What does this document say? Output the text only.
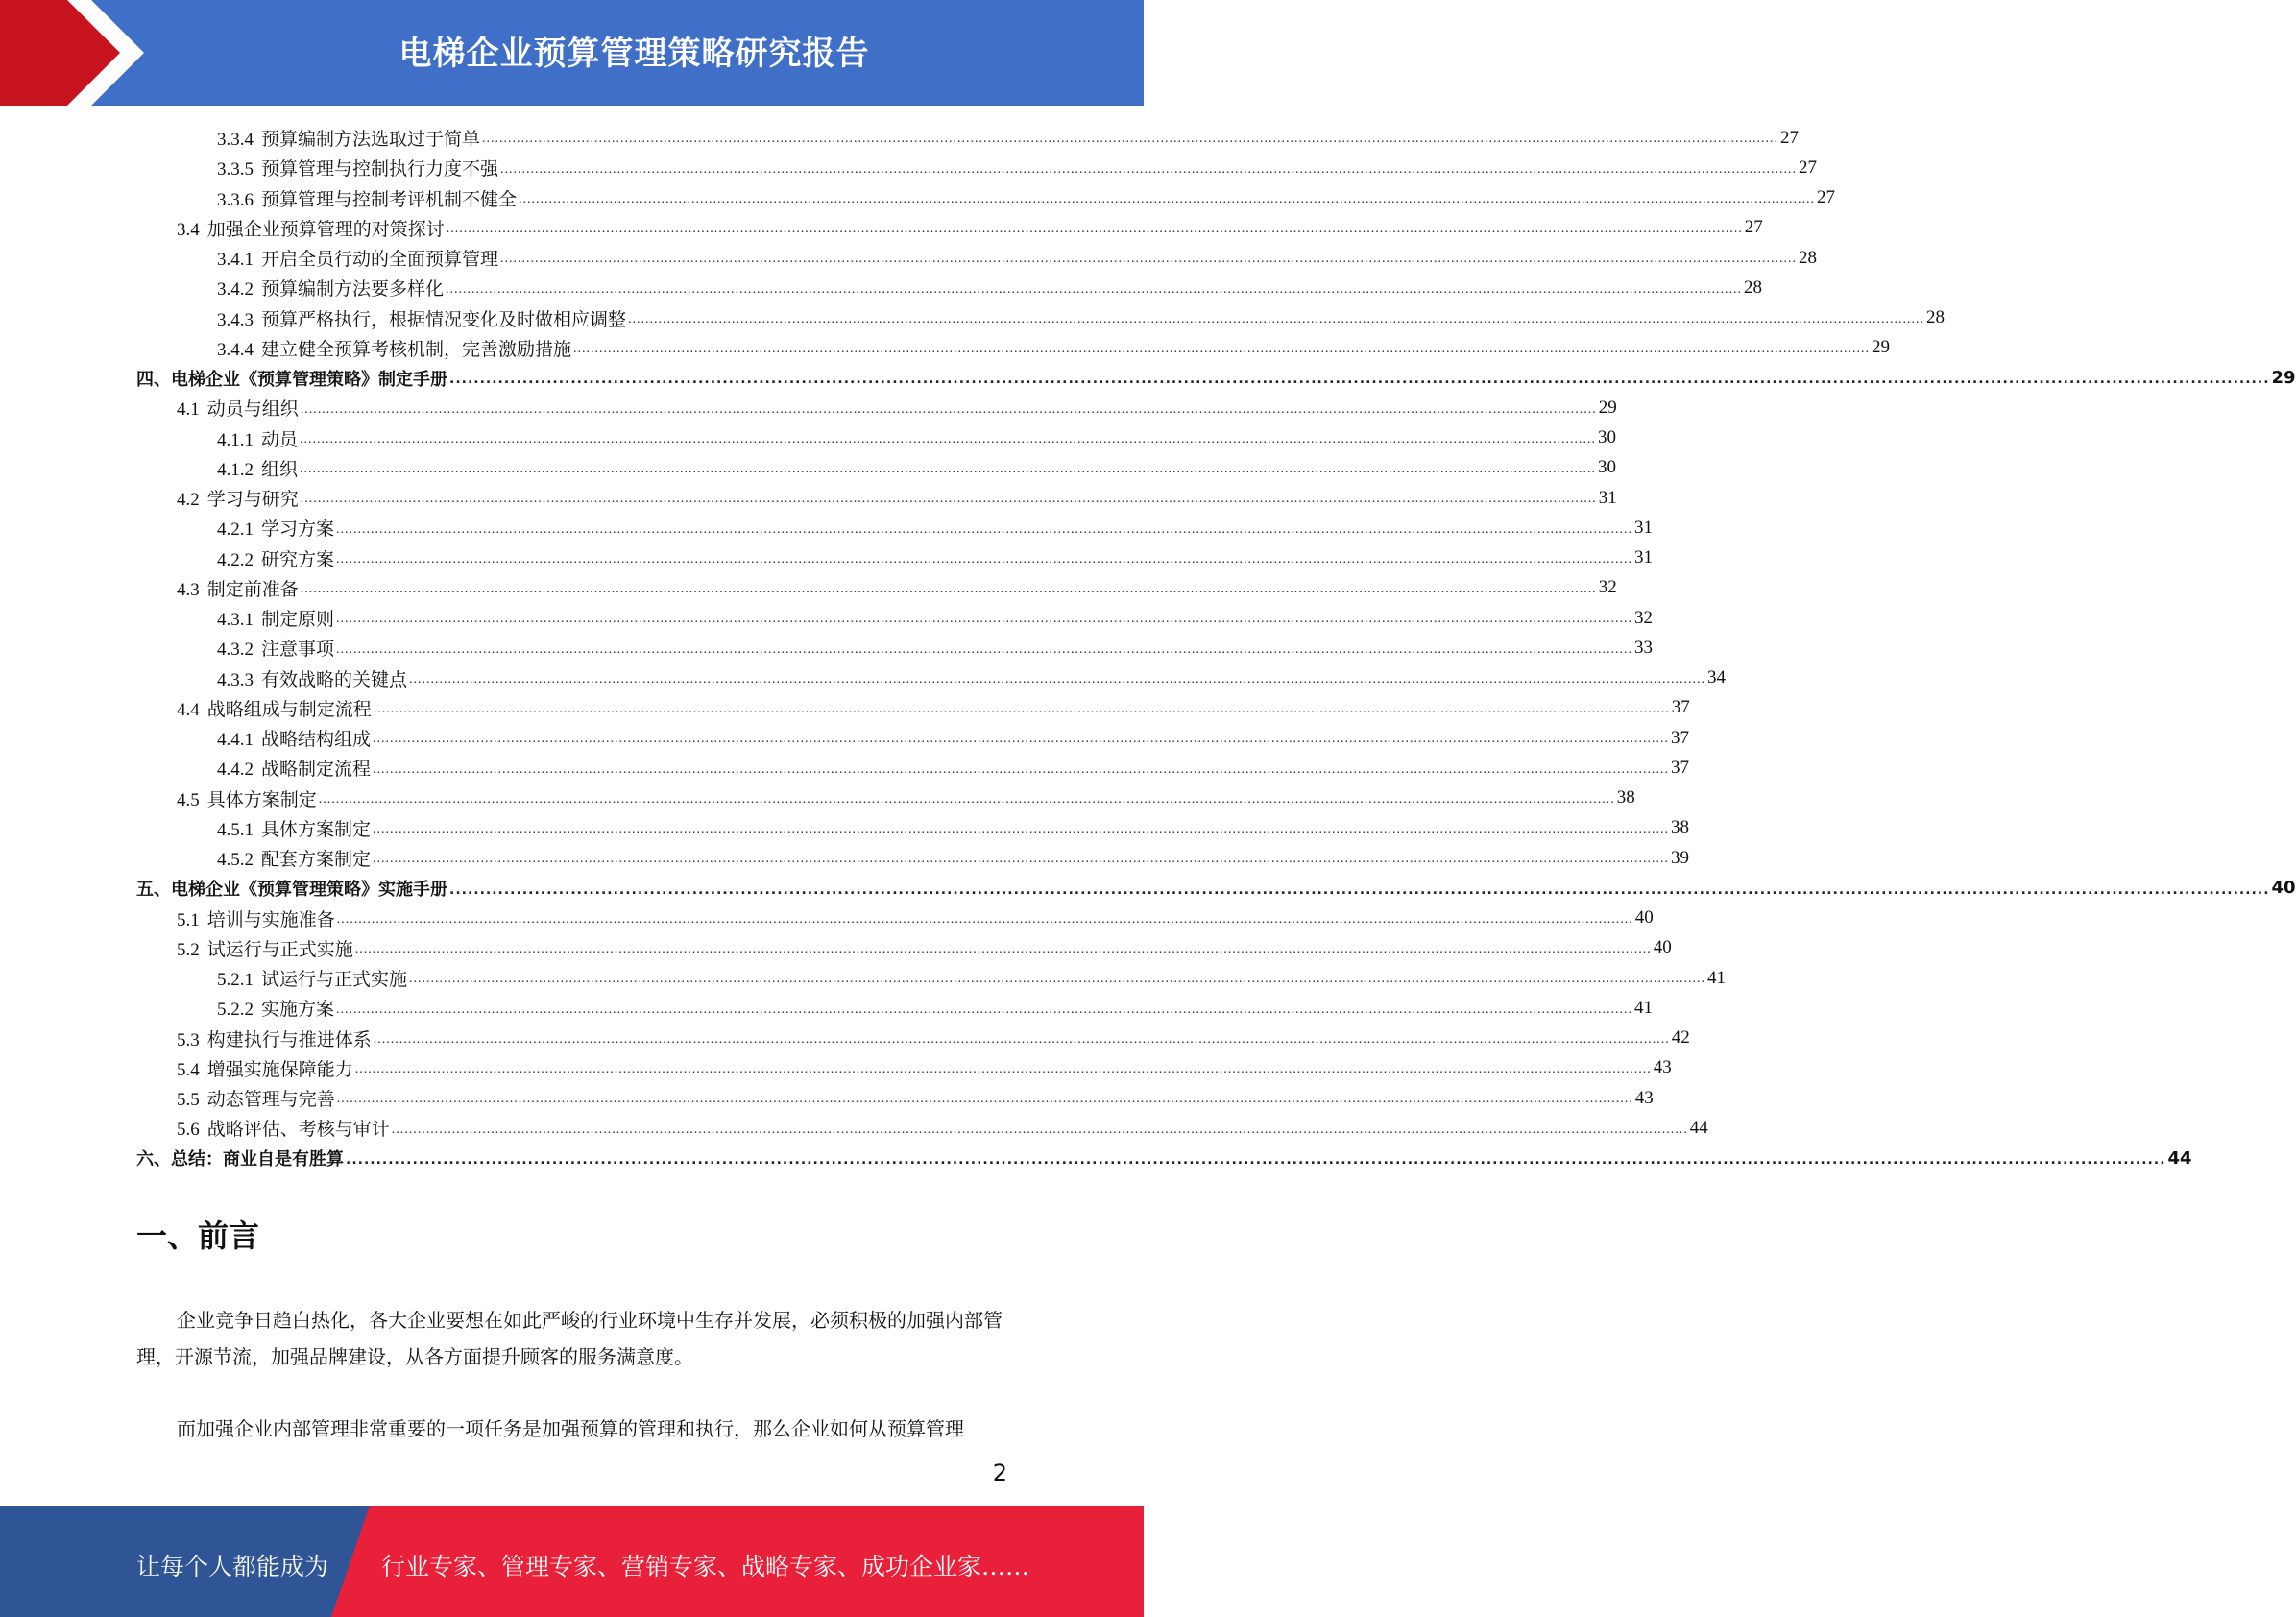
电梯企业预算管理策略研究报告
3.3.4 预算编制方法选取过于简单 ............................................................................................................................................................................................................................................................................................................ 27
3.3.5 预算管理与控制执行力度不强 ............................................................................................................................................................................................................................................................................................................ 27
3.3.6 预算管理与控制考评机制不健全 ............................................................................................................................................................................................................................................................................................................ 27
3.4 加强企业预算管理的对策探讨 ............................................................................................................................................................................................................................................................................................................ 27
3.4.1 开启全员行动的全面预算管理 ............................................................................................................................................................................................................................................................................................................ 28
3.4.2 预算编制方法要多样化 ............................................................................................................................................................................................................................................................................................................ 28
3.4.3 预算严格执行，根据情况变化及时做相应调整 ............................................................................................................................................................................................................................................................................................................ 28
3.4.4 建立健全预算考核机制，完善激励措施 ............................................................................................................................................................................................................................................................................................................ 29
四、电梯企业《预算管理策略》制定手册 ............................................................................................................................................................................................................................................................................................................ 29
4.1 动员与组织 ............................................................................................................................................................................................................................................................................................................ 29
4.1.1 动员 ............................................................................................................................................................................................................................................................................................................ 30
4.1.2 组织 ............................................................................................................................................................................................................................................................................................................ 30
4.2 学习与研究 ............................................................................................................................................................................................................................................................................................................ 31
4.2.1 学习方案 ............................................................................................................................................................................................................................................................................................................ 31
4.2.2 研究方案 ............................................................................................................................................................................................................................................................................................................ 31
4.3 制定前准备 ............................................................................................................................................................................................................................................................................................................ 32
4.3.1 制定原则 ............................................................................................................................................................................................................................................................................................................ 32
4.3.2 注意事项 ............................................................................................................................................................................................................................................................................................................ 33
4.3.3 有效战略的关键点 ............................................................................................................................................................................................................................................................................................................ 34
4.4 战略组成与制定流程 ............................................................................................................................................................................................................................................................................................................ 37
4.4.1 战略结构组成 ............................................................................................................................................................................................................................................................................................................ 37
4.4.2 战略制定流程 ............................................................................................................................................................................................................................................................................................................ 37
4.5 具体方案制定 ............................................................................................................................................................................................................................................................................................................ 38
4.5.1 具体方案制定 ............................................................................................................................................................................................................................................................................................................ 38
4.5.2 配套方案制定 ............................................................................................................................................................................................................................................................................................................ 39
五、电梯企业《预算管理策略》实施手册 ............................................................................................................................................................................................................................................................................................................ 40
5.1 培训与实施准备 ............................................................................................................................................................................................................................................................................................................ 40
5.2 试运行与正式实施 ............................................................................................................................................................................................................................................................................................................ 40
5.2.1 试运行与正式实施 ............................................................................................................................................................................................................................................................................................................ 41
5.2.2 实施方案 ............................................................................................................................................................................................................................................................................................................ 41
5.3 构建执行与推进体系 ............................................................................................................................................................................................................................................................................................................ 42
5.4 增强实施保障能力 ............................................................................................................................................................................................................................................................................................................ 43
5.5 动态管理与完善 ............................................................................................................................................................................................................................................................................................................ 43
5.6 战略评估、考核与审计 ............................................................................................................................................................................................................................................................................................................ 44
六、总结：商业自是有胜算 ............................................................................................................................................................................................................................................................................................................ 44
一、前言
企业竞争日趋白热化，各大企业要想在如此严峻的行业环境中生存并发展，必须积极的加强内部管理，开源节流，加强品牌建设，从各方面提升顾客的服务满意度。
而加强企业内部管理非常重要的一项任务是加强预算的管理和执行，那么企业如何从预算管理
2
让每个人都能成为 行业专家、管理专家、营销专家、战略专家、成功企业家……
